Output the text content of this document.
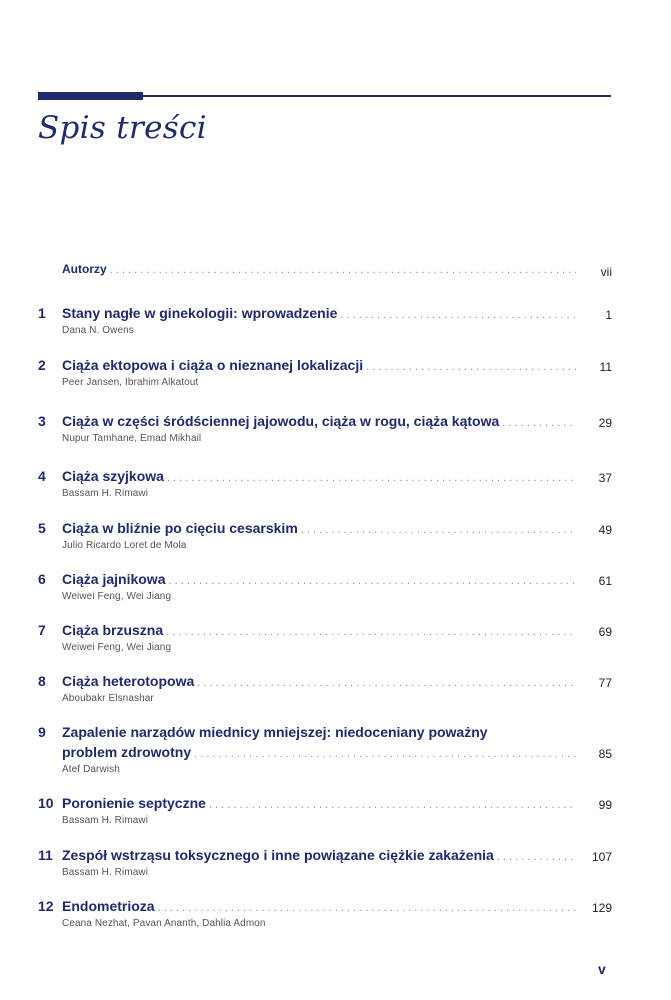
Spis treści
Autorzy . . .	vii
1 Stany nagłe w ginekologii: wprowadzenie . . .	1
Dana N. Owens
2 Ciąża ektopowa i ciąża o nieznanej lokalizacji . . .	11
Peer Jansen, Ibrahim Alkatout
3 Ciąża w części śródściennej jajowodu, ciąża w rogu, ciąża kątowa . . .	29
Nupur Tamhane, Emad Mikhail
4 Ciąża szyjkowa . . .	37
Bassam H. Rimawi
5 Ciąża w bliźnie po cięciu cesarskim . . .	49
Julio Ricardo Loret de Mola
6 Ciąża jajnikowa . . .	61
Weiwei Feng, Wei Jiang
7 Ciąża brzuszna . . .	69
Weiwei Feng, Wei Jiang
8 Ciąża heterotopowa . . .	77
Aboubakr Elsnashar
9 Zapalenie narządów miednicy mniejszej: niedoceniany poważny
problem zdrowotny . . .	85
Atef Darwish
10 Poronienie septyczne . . .	99
Bassam H. Rimawi
11 Zespół wstrząsu toksycznego i inne powiązane ciężkie zakażenia . . .	107
Bassam H. Rimawi
12 Endometrioza . . .	129
Ceana Nezhat, Pavan Ananth, Dahlia Admon
v
